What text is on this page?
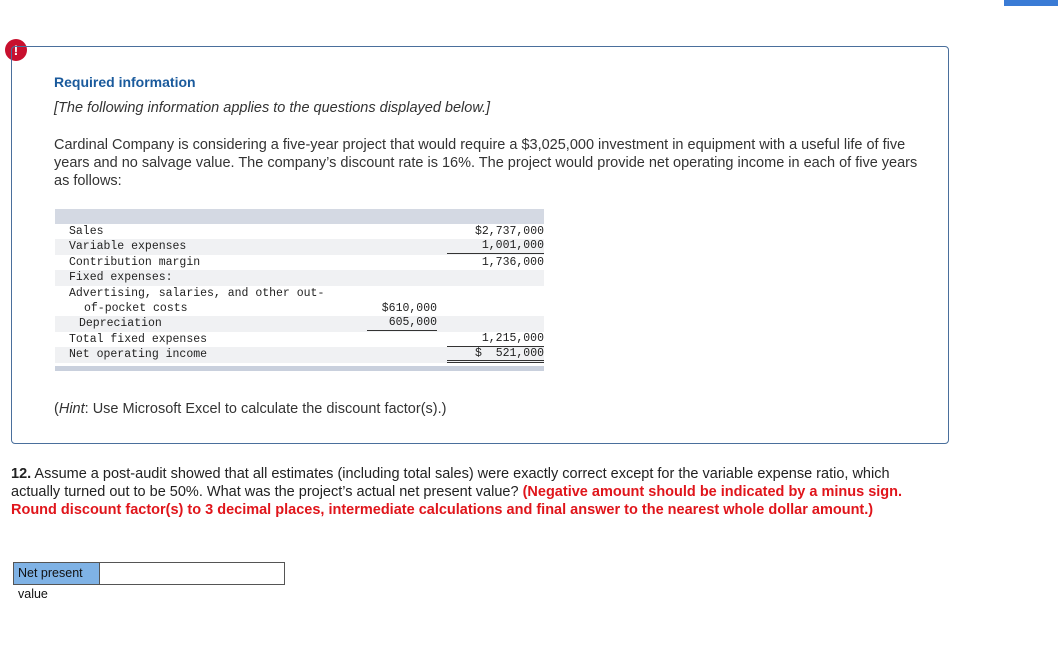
!
Required information
[The following information applies to the questions displayed below.]
Cardinal Company is considering a five-year project that would require a $3,025,000 investment in equipment with a useful life of five years and no salvage value. The company’s discount rate is 16%. The project would provide net operating income in each of five years as follows:
Sales	$2,737,000
Variable expenses	1,001,000
Contribution margin	1,736,000
Fixed expenses:
Advertising, salaries, and other out-
of-pocket costs	$610,000
Depreciation	605,000
Total fixed expenses	1,215,000
Net operating income	$  521,000
(Hint: Use Microsoft Excel to calculate the discount factor(s).)
12. Assume a post-audit showed that all estimates (including total sales) were exactly correct except for the variable expense ratio, which actually turned out to be 50%. What was the project’s actual net present value? (Negative amount should be indicated by a minus sign. Round discount factor(s) to 3 decimal places, intermediate calculations and final answer to the nearest whole dollar amount.)
Net present value
